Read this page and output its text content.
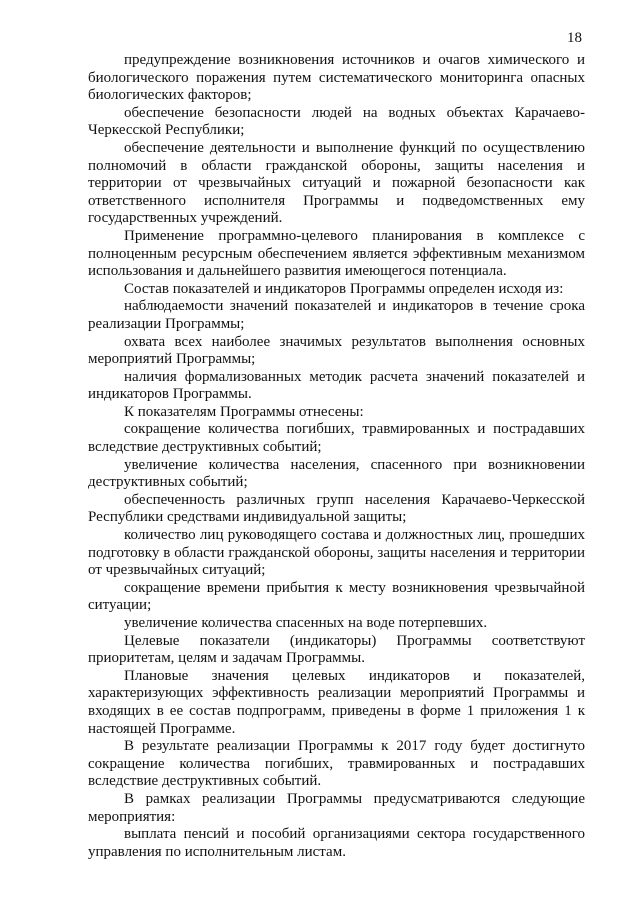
18

предупреждение возникновения источников и очагов химического и биологического поражения путем систематического мониторинга опасных биологических факторов;

обеспечение безопасности людей на водных объектах Карачаево-Черкесской Республики;

обеспечение деятельности и выполнение функций по осуществлению полномочий в области гражданской обороны, защиты населения и территории от чрезвычайных ситуаций и пожарной безопасности как ответственного исполнителя Программы и подведомственных ему государственных учреждений.

Применение программно-целевого планирования в комплексе с полноценным ресурсным обеспечением является эффективным механизмом использования и дальнейшего развития имеющегося потенциала.

Состав показателей и индикаторов Программы определен исходя из:

наблюдаемости значений показателей и индикаторов в течение срока реализации Программы;

охвата всех наиболее значимых результатов выполнения основных мероприятий Программы;

наличия формализованных методик расчета значений показателей и индикаторов Программы.

К показателям Программы отнесены:

сокращение количества погибших, травмированных и пострадавших вследствие деструктивных событий;

увеличение количества населения, спасенного при возникновении деструктивных событий;

обеспеченность различных групп населения Карачаево-Черкесской Республики средствами индивидуальной защиты;

количество лиц руководящего состава и должностных лиц, прошедших подготовку в области гражданской обороны, защиты населения и территории от чрезвычайных ситуаций;

сокращение времени прибытия к месту возникновения чрезвычайной ситуации;

увеличение количества спасенных на воде потерпевших.

Целевые показатели (индикаторы) Программы соответствуют приоритетам, целям и задачам Программы.

Плановые значения целевых индикаторов и показателей, характеризующих эффективность реализации мероприятий Программы и входящих в ее состав подпрограмм, приведены в форме 1 приложения 1 к настоящей Программе.

В результате реализации Программы к 2017 году будет достигнуто сокращение количества погибших, травмированных и пострадавших вследствие деструктивных событий.

В рамках реализации Программы предусматриваются следующие мероприятия:

выплата пенсий и пособий организациями сектора государственного управления по исполнительным листам.
